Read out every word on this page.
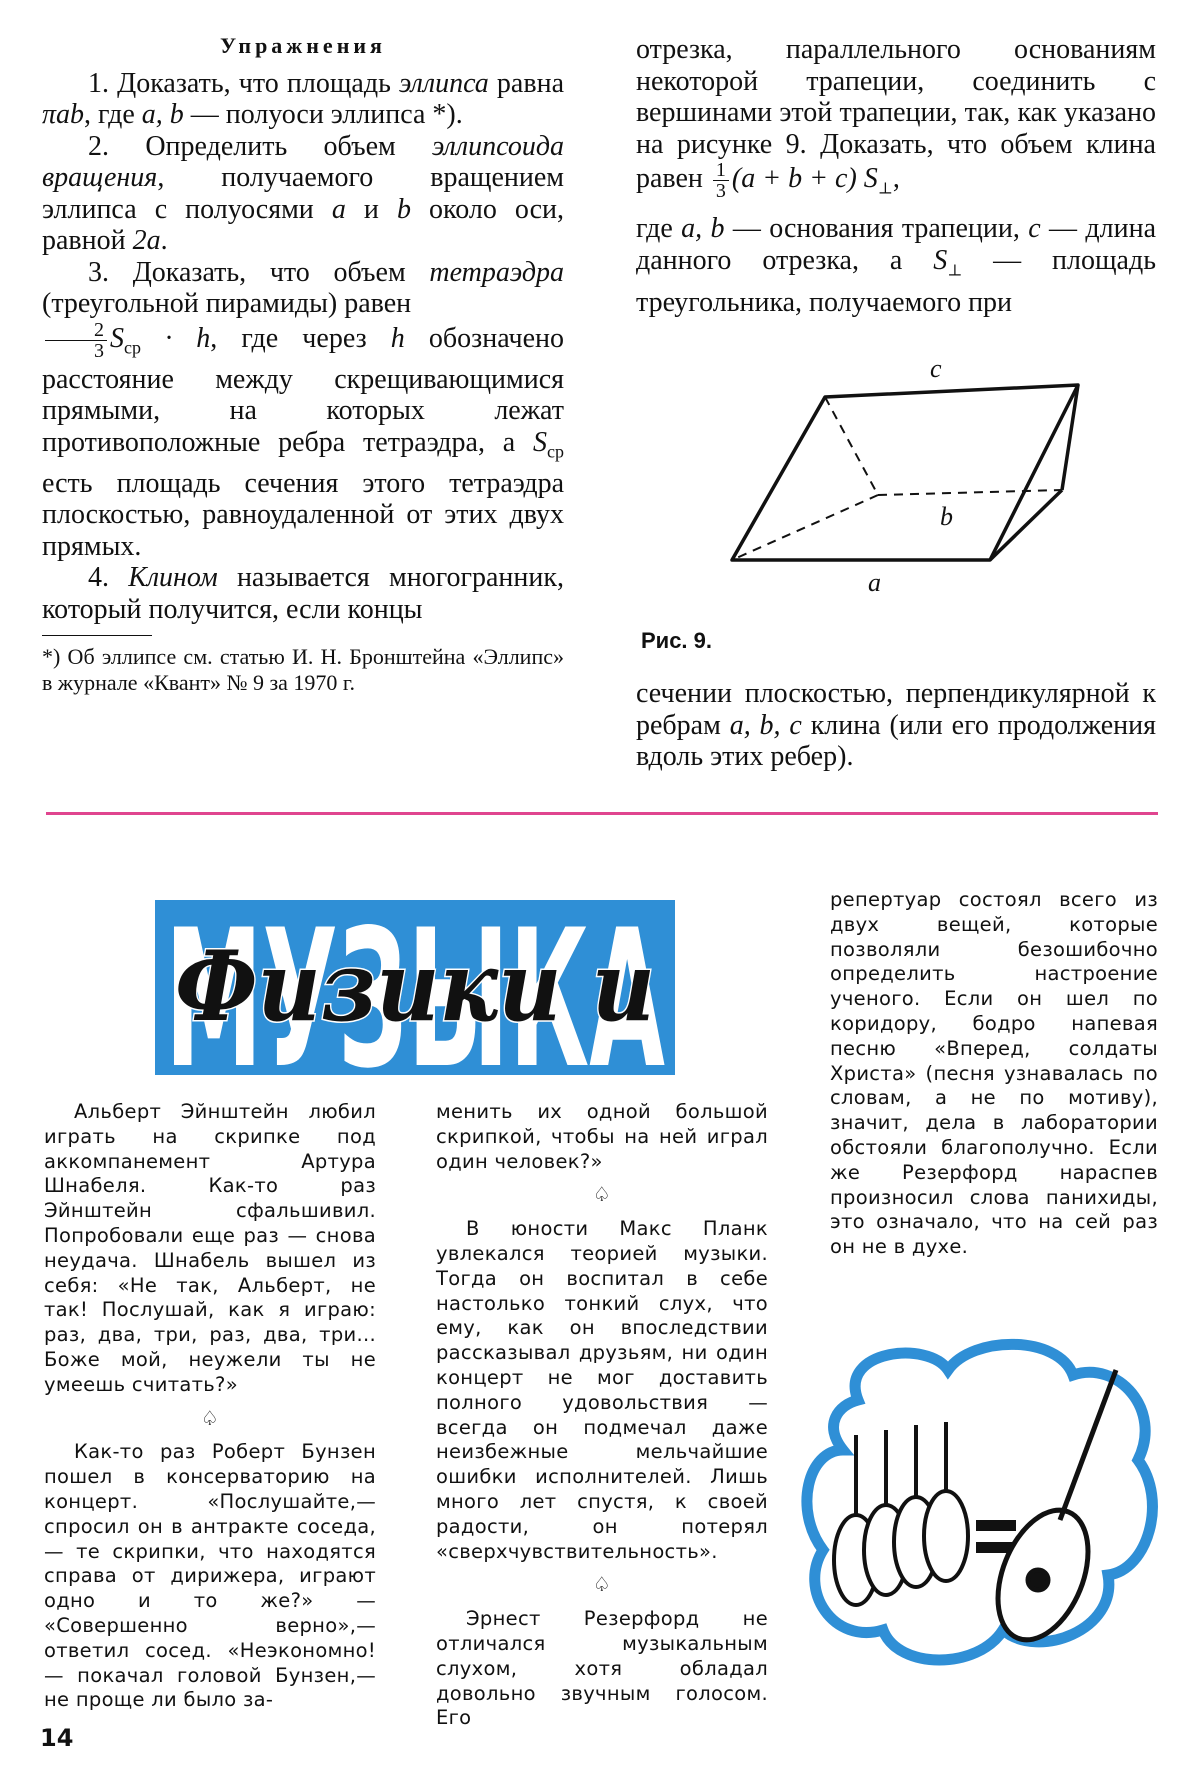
Упражнения

1. Доказать, что площадь эллипса равна πab, где a, b — полуоси эллипса *).

2. Определить объем эллипсоида вращения, получаемого вращением эллипса с полуосями a и b около оси, равной 2a.

3. Доказать, что объем тетраэдра (треугольной пирамиды) равен

$\frac{2}{3} S_{ср} \cdot h$, где через h обозначено расстояние между скрещивающимися прямыми, на которых лежат противоположные ребра тетраэдра, а $S_{ср}$ есть площадь сечения этого тетраэдра плоскостью, равноудаленной от этих двух прямых.

4. Клином называется многогранник, который получится, если концы

*) Об эллипсе см. статью И. Н. Бронштейна «Эллипс» в журнале «Квант» № 9 за 1970 г.

отрезка, параллельного основаниям некоторой трапеции, соединить с вершинами этой трапеции, так, как указано на рисунке 9. Доказать, что объем клина равен $\frac{1}{3} (a + b + c)$ $S_\perp$,

где a, b — основания трапеции, c — длина данного отрезка, а $S_\perp$ — площадь треугольника, получаемого при

c
b
a
Рис. 9.

сечении плоскостью, перпендикулярной к ребрам a, b, c клина (или его продолжения вдоль этих ребер).

МУЗЫКА
Физики и

Альберт Эйнштейн любил играть на скрипке под аккомпанемент Артура Шнабеля. Как-то раз Эйнштейн сфальшивил. Попробовали еще раз — снова неудача. Шнабель вышел из себя: «Не так, Альберт, не так! Послушай, как я играю: раз, два, три, раз, два, три... Боже мой, неужели ты не умеешь считать?»

♤

Как-то раз Роберт Бунзен пошел в консерваторию на концерт. «Послушайте,— спросил он в антракте соседа,— те скрипки, что находятся справа от дирижера, играют одно и то же?» — «Совершенно верно»,— ответил сосед. «Неэкономно! — покачал головой Бунзен,— не проще ли было за-

менить их одной большой скрипкой, чтобы на ней играл один человек?»

♤

В юности Макс Планк увлекался теорией музыки. Тогда он воспитал в себе настолько тонкий слух, что ему, как он впоследствии рассказывал друзьям, ни один концерт не мог доставить полного удовольствия — всегда он подмечал даже неизбежные мельчайшие ошибки исполнителей. Лишь много лет спустя, к своей радости, он потерял «сверхчувствительность».

♤

Эрнест Резерфорд не отличался музыкальным слухом, хотя обладал довольно звучным голосом. Его

репертуар состоял всего из двух вещей, которые позволяли безошибочно определить настроение ученого. Если он шел по коридору, бодро напевая песню «Вперед, солдаты Христа» (песня узнавалась по словам, а не по мотиву), значит, дела в лаборатории обстояли благополучно. Если же Резерфорд нараспев произносил слова панихиды, это означало, что на сей раз он не в духе.

14
